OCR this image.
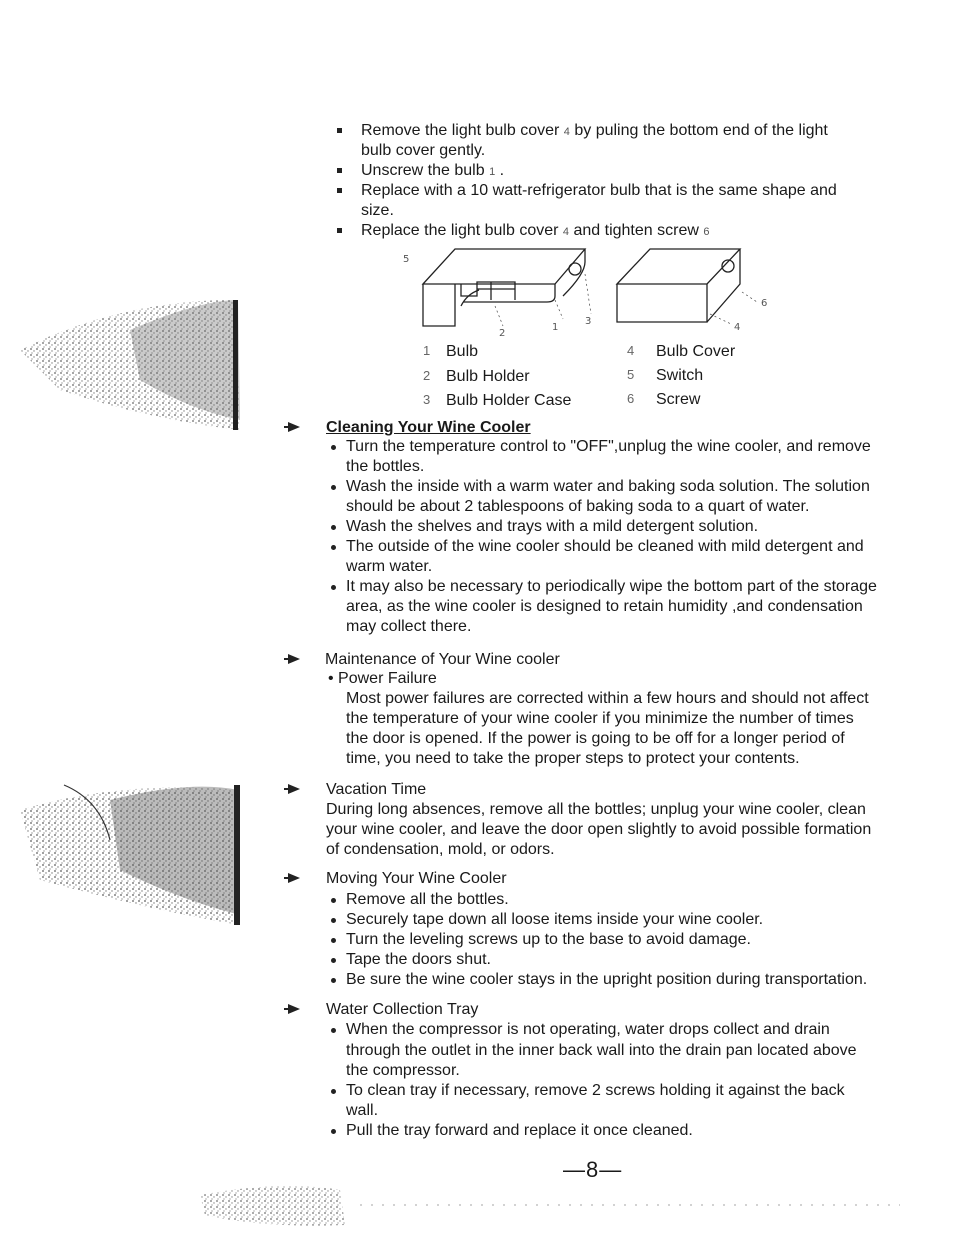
Remove the light bulb cover 4 by puling the bottom end of the light
bulb cover gently.
Unscrew the bulb 1 .
Replace with a 10 watt-refrigerator bulb that is the same shape and
size.
Replace the light bulb cover 4 and tighten screw 6
5
2
1
3
6
4
1 Bulb
2 Bulb Holder
3 Bulb Holder Case
4 Bulb Cover
5 Switch
6 Screw
Cleaning Your Wine Cooler
Turn the temperature control to "OFF",unplug the wine cooler, and remove
the bottles.
Wash the inside with a warm water and baking soda solution. The solution
should be about 2 tablespoons of baking soda to a quart of water.
Wash the shelves and trays with a mild detergent solution.
The outside of the wine cooler should be cleaned with mild detergent and
warm water.
It may also be necessary to periodically wipe the bottom part of the storage
area, as the wine cooler is designed to retain humidity ,and condensation
may collect there.
Maintenance of Your Wine cooler
• Power Failure
Most power failures are corrected within a few hours and should not affect
the temperature of your wine cooler if you minimize the number of times
the door is opened. If the power is going to be off for a longer period of
time, you need to take the proper steps to protect your contents.
Vacation Time
During long absences, remove all the bottles; unplug your wine cooler, clean
your wine cooler, and leave the door open slightly to avoid possible formation
of condensation, mold, or odors.
Moving Your Wine Cooler
Remove all the bottles.
Securely tape down all loose items inside your wine cooler.
Turn the leveling screws up to the base to avoid damage.
Tape the doors shut.
Be sure the wine cooler stays in the upright position during transportation.
Water Collection Tray
When the compressor is not operating, water drops collect and drain
through the outlet in the inner back wall into the drain pan located above
the compressor.
To clean tray if necessary, remove 2 screws holding it against the back
wall.
Pull the tray forward and replace it once cleaned.
—8—
